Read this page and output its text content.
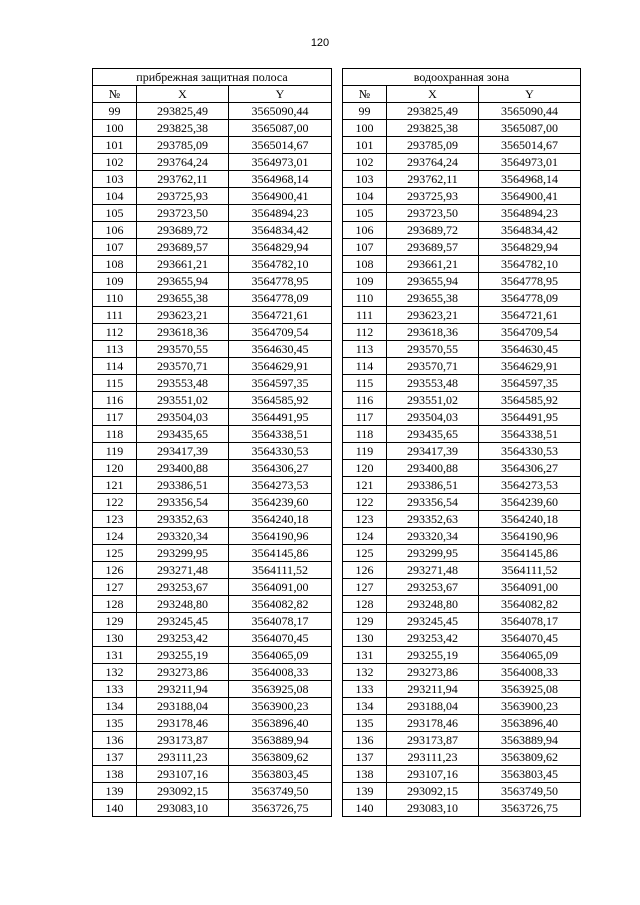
120
прибрежная защитная полоса		
№	X	Y
99	293825,49	3565090,44
100	293825,38	3565087,00
101	293785,09	3565014,67
102	293764,24	3564973,01
103	293762,11	3564968,14
104	293725,93	3564900,41
105	293723,50	3564894,23
106	293689,72	3564834,42
107	293689,57	3564829,94
108	293661,21	3564782,10
109	293655,94	3564778,95
110	293655,38	3564778,09
111	293623,21	3564721,61
112	293618,36	3564709,54
113	293570,55	3564630,45
114	293570,71	3564629,91
115	293553,48	3564597,35
116	293551,02	3564585,92
117	293504,03	3564491,95
118	293435,65	3564338,51
119	293417,39	3564330,53
120	293400,88	3564306,27
121	293386,51	3564273,53
122	293356,54	3564239,60
123	293352,63	3564240,18
124	293320,34	3564190,96
125	293299,95	3564145,86
126	293271,48	3564111,52
127	293253,67	3564091,00
128	293248,80	3564082,82
129	293245,45	3564078,17
130	293253,42	3564070,45
131	293255,19	3564065,09
132	293273,86	3564008,33
133	293211,94	3563925,08
134	293188,04	3563900,23
135	293178,46	3563896,40
136	293173,87	3563889,94
137	293111,23	3563809,62
138	293107,16	3563803,45
139	293092,15	3563749,50
140	293083,10	3563726,75
водоохранная зона		
№	X	Y
99	293825,49	3565090,44
100	293825,38	3565087,00
101	293785,09	3565014,67
102	293764,24	3564973,01
103	293762,11	3564968,14
104	293725,93	3564900,41
105	293723,50	3564894,23
106	293689,72	3564834,42
107	293689,57	3564829,94
108	293661,21	3564782,10
109	293655,94	3564778,95
110	293655,38	3564778,09
111	293623,21	3564721,61
112	293618,36	3564709,54
113	293570,55	3564630,45
114	293570,71	3564629,91
115	293553,48	3564597,35
116	293551,02	3564585,92
117	293504,03	3564491,95
118	293435,65	3564338,51
119	293417,39	3564330,53
120	293400,88	3564306,27
121	293386,51	3564273,53
122	293356,54	3564239,60
123	293352,63	3564240,18
124	293320,34	3564190,96
125	293299,95	3564145,86
126	293271,48	3564111,52
127	293253,67	3564091,00
128	293248,80	3564082,82
129	293245,45	3564078,17
130	293253,42	3564070,45
131	293255,19	3564065,09
132	293273,86	3564008,33
133	293211,94	3563925,08
134	293188,04	3563900,23
135	293178,46	3563896,40
136	293173,87	3563889,94
137	293111,23	3563809,62
138	293107,16	3563803,45
139	293092,15	3563749,50
140	293083,10	3563726,75
